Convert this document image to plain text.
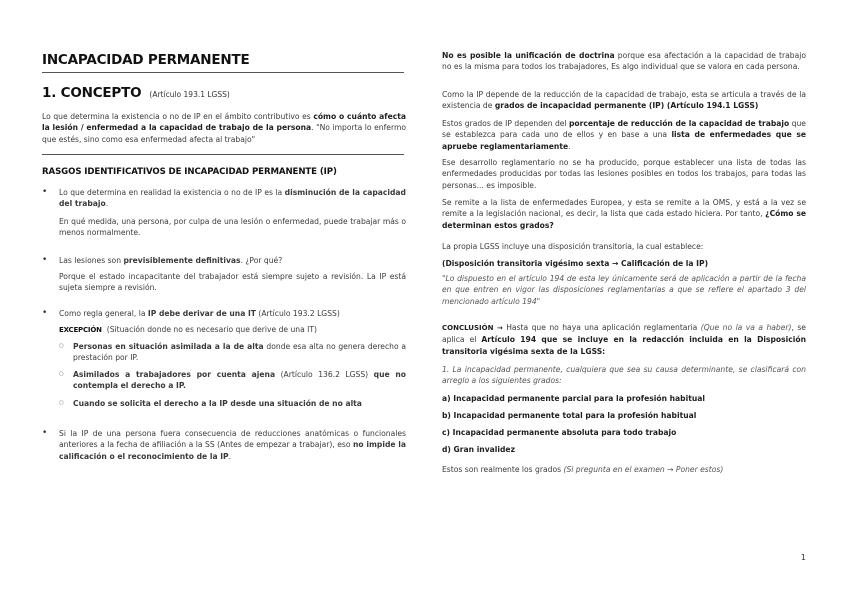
INCAPACIDAD PERMANENTE
1. CONCEPTO (Artículo 193.1 LGSS)
Lo que determina la existencia o no de IP en el ámbito contributivo es cómo o cuánto afecta la lesión / enfermedad a la capacidad de trabajo de la persona. "No importa lo enfermo que estés, sino como esa enfermedad afecta al trabajo"
RASGOS IDENTIFICATIVOS DE INCAPACIDAD PERMANENTE (IP)
• Lo que determina en realidad la existencia o no de IP es la disminución de la capacidad del trabajo.
En qué medida, una persona, por culpa de una lesión o enfermedad, puede trabajar más o menos normalmente.
• Las lesiones son previsiblemente definitivas. ¿Por qué?
Porque el estado incapacitante del trabajador está siempre sujeto a revisión. La IP está sujeta siempre a revisión.
• Como regla general, la IP debe derivar de una IT (Artículo 193.2 LGSS)
EXCEPCIÓN (Situación donde no es necesario que derive de una IT)
○ Personas en situación asimilada a la de alta donde esa alta no genera derecho a prestación por IP.
○ Asimilados a trabajadores por cuenta ajena (Artículo 136.2 LGSS) que no contempla el derecho a IP.
○ Cuando se solicita el derecho a la IP desde una situación de no alta
• Si la IP de una persona fuera consecuencia de reducciones anatómicas o funcionales anteriores a la fecha de afiliación a la SS (Antes de empezar a trabajar), eso no impide la calificación o el reconocimiento de la IP.
No es posible la unificación de doctrina porque esa afectación a la capacidad de trabajo no es la misma para todos los trabajadores, Es algo individual que se valora en cada persona.
Como la IP depende de la reducción de la capacidad de trabajo, esta se articula a través de la existencia de grados de incapacidad permanente (IP) (Artículo 194.1 LGSS)
Estos grados de IP dependen del porcentaje de reducción de la capacidad de trabajo que se establezca para cada uno de ellos y en base a una lista de enfermedades que se apruebe reglamentariamente.
Ese desarrollo reglamentario no se ha producido, porque establecer una lista de todas las enfermedades producidas por todas las lesiones posibles en todos los trabajos, para todas las personas... es imposible.
Se remite a la lista de enfermedades Europea, y esta se remite a la OMS, y está a la vez se remite a la legislación nacional, es decir, la lista que cada estado hiciera. Por tanto, ¿Cómo se determinan estos grados?
La propia LGSS incluye una disposición transitoria, la cual establece:
(Disposición transitoria vigésimo sexta → Calificación de la IP)
"Lo dispuesto en el artículo 194 de esta ley únicamente será de aplicación a partir de la fecha en que entren en vigor las disposiciones reglamentarias a que se refiere el apartado 3 del mencionado artículo 194"
CONCLUSIÓN → Hasta que no haya una aplicación reglamentaria (Que no la va a haber), se aplica el Artículo 194 que se incluye en la redacción incluida en la Disposición transitoria vigésima sexta de la LGSS:
1. La incapacidad permanente, cualquiera que sea su causa determinante, se clasificará con arreglo a los siguientes grados:
a) Incapacidad permanente parcial para la profesión habitual
b) Incapacidad permanente total para la profesión habitual
c) Incapacidad permanente absoluta para todo trabajo
d) Gran invalidez
Estos son realmente los grados (Si pregunta en el examen → Poner estos)
1
